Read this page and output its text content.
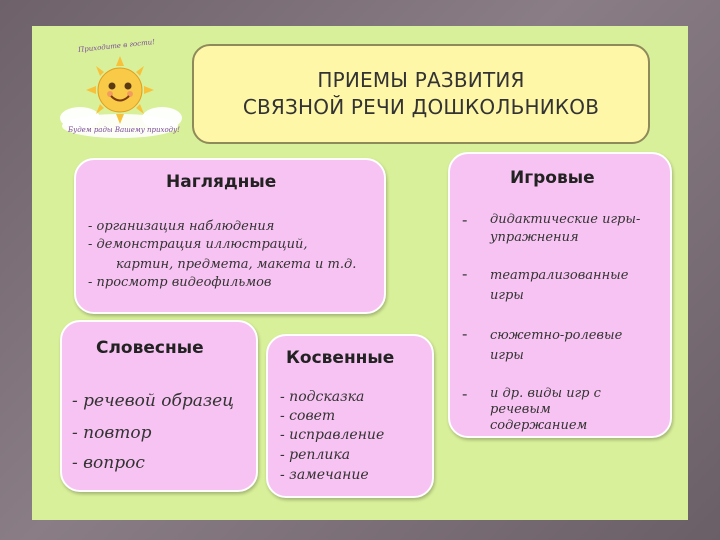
Приходите в гости!
Будем рады Вашему приходу!
ПРИЕМЫ РАЗВИТИЯ
СВЯЗНОЙ РЕЧИ ДОШКОЛЬНИКОВ
Наглядные
- организация наблюдения
- демонстрация иллюстраций,
картин, предмета, макета и т.д.
- просмотр видеофильмов
Игровые
- дидактические игры-
упражнения
- театрализованные
игры
- сюжетно-ролевые
игры
- и др. виды игр с
речевым
содержанием
Словесные
- речевой образец
- повтор
- вопрос
Косвенные
- подсказка
- совет
- исправление
- реплика
- замечание
